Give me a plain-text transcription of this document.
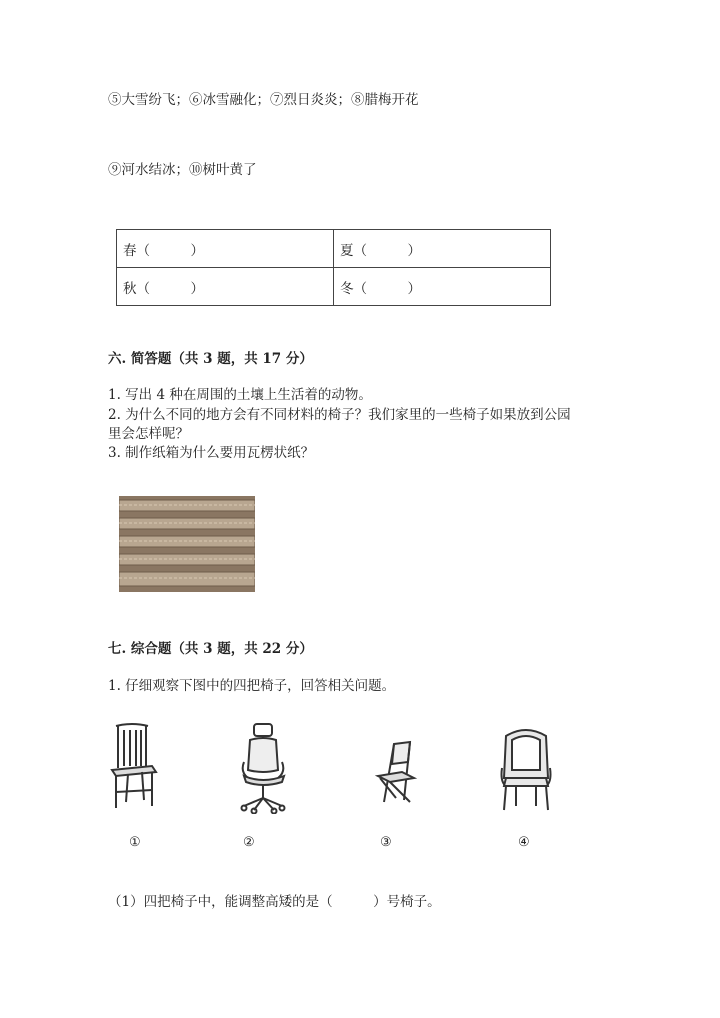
⑤大雪纷飞；⑥冰雪融化；⑦烈日炎炎；⑧腊梅开花
⑨河水结冰；⑩树叶黄了
春（　　　）	夏（　　　）
秋（　　　）	冬（　　　）
六. 简答题（共 3 题，共 17 分）
1. 写出 4 种在周围的土壤上生活着的动物。
2. 为什么不同的地方会有不同材料的椅子？我们家里的一些椅子如果放到公园
里会怎样呢？
3. 制作纸箱为什么要用瓦楞状纸？
七. 综合题（共 3 题，共 22 分）
1. 仔细观察下图中的四把椅子，回答相关问题。
①	②	③	④
（1）四把椅子中，能调整高矮的是（　　　）号椅子。
